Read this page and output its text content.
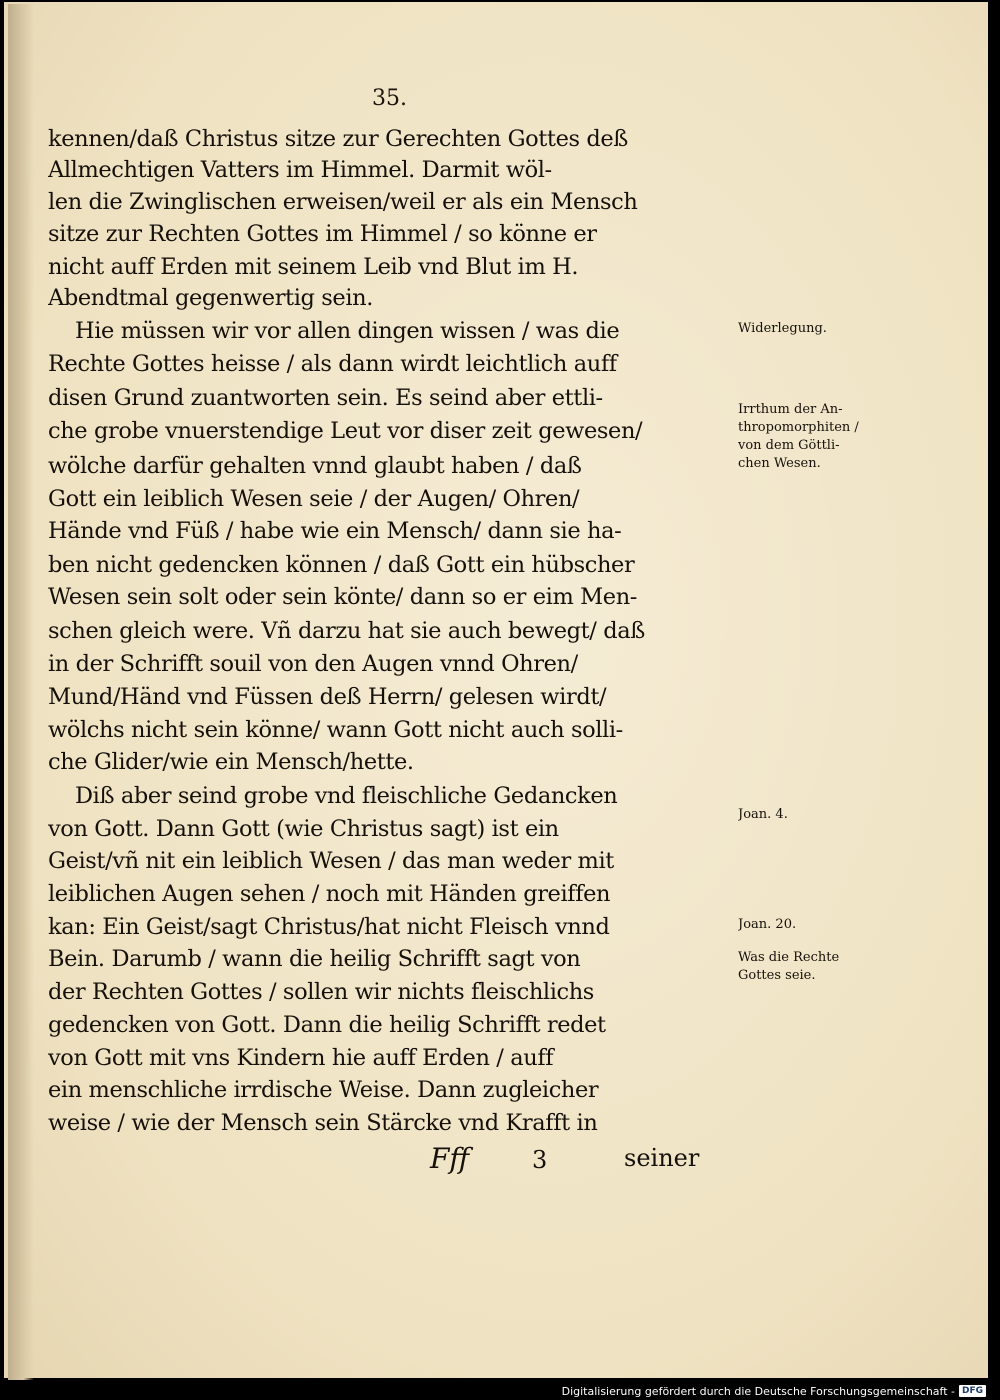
35.
kennen/daß Christus sitze zur Gerechten Gottes deß
Allmechtigen Vatters im Himmel. Darmit wöl-
len die Zwinglischen erweisen/weil er als ein Mensch
sitze zur Rechten Gottes im Himmel / so könne er
nicht auff Erden mit seinem Leib vnd Blut im H.
Abendtmal gegenwertig sein.
Hie müssen wir vor allen dingen wissen / was die
Rechte Gottes heisse / als dann wirdt leichtlich auff
disen Grund zuantworten sein. Es seind aber ettli-
che grobe vnuerstendige Leut vor diser zeit gewesen/
wölche darfür gehalten vnnd glaubt haben / daß
Gott ein leiblich Wesen seie / der Augen/ Ohren/
Hände vnd Füß / habe wie ein Mensch/ dann sie ha-
ben nicht gedencken können / daß Gott ein hübscher
Wesen sein solt oder sein könte/ dann so er eim Men-
schen gleich were. Vñ darzu hat sie auch bewegt/ daß
in der Schrifft souil von den Augen vnnd Ohren/
Mund/Händ vnd Füssen deß Herrn/ gelesen wirdt/
wölchs nicht sein könne/ wann Gott nicht auch solli-
che Glider/wie ein Mensch/hette.
Diß aber seind grobe vnd fleischliche Gedancken
von Gott. Dann Gott (wie Christus sagt) ist ein
Geist/vñ nit ein leiblich Wesen / das man weder mit
leiblichen Augen sehen / noch mit Händen greiffen
kan: Ein Geist/sagt Christus/hat nicht Fleisch vnnd
Bein. Darumb / wann die heilig Schrifft sagt von
der Rechten Gottes / sollen wir nichts fleischlichs
gedencken von Gott. Dann die heilig Schrifft redet
von Gott mit vns Kindern hie auff Erden / auff
ein menschliche irrdische Weise. Dann zugleicher
weise / wie der Mensch sein Stärcke vnd Krafft in
Widerlegung.
Irrthum der An-
thropomorphiten /
von dem Göttli-
chen Wesen.
Joan. 4.
Joan. 20.
Was die Rechte
Gottes seie.
Fff	3	seiner
Digitalisierung gefördert durch die Deutsche Forschungsgemeinschaft - DFG
